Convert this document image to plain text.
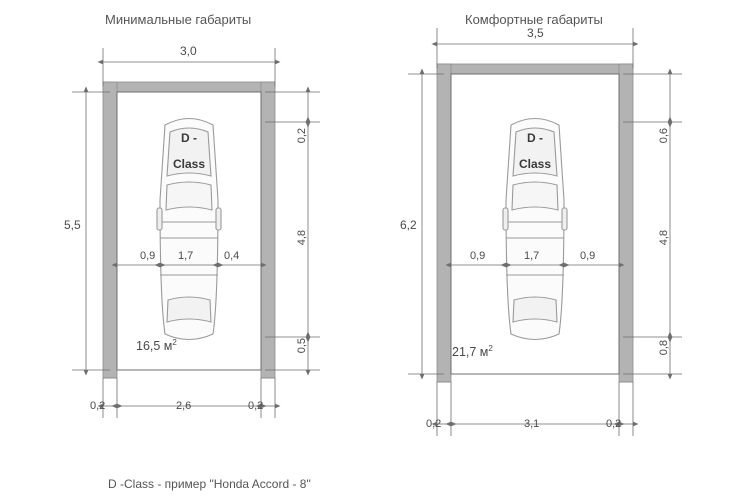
Минимальные габариты	Комфортные габариты
D -
Class
D -
Class
3,0
5,5
0,2
4,8
0,5
0,9 1,7	0,4
16,5 $м^2$
0,2	2,6	0,2
3,5
6,2
0,6
4,8
0,8
0,9	1,7	0,9
21,7 $м^2$
0,2	3,1	0,2
D -Class - пример "Honda Accord - 8"
